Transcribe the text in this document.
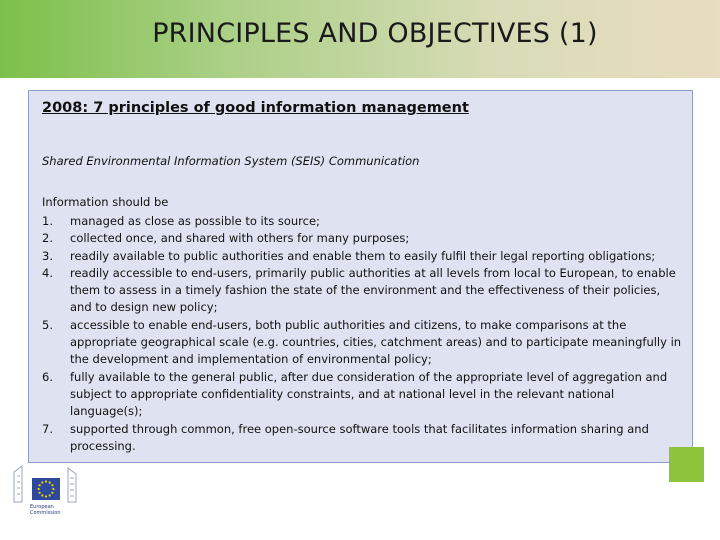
PRINCIPLES AND OBJECTIVES (1)
2008: 7 principles of good information management
Shared Environmental Information System (SEIS) Communication
Information should be
1.	managed as close as possible to its source;
2.	collected once, and shared with others for many purposes;
3.	readily available to public authorities and enable them to easily fulfil their legal reporting obligations;
4.	readily accessible to end-users, primarily public authorities at all levels from local to European, to enable them to assess in a timely fashion the state of the environment and the effectiveness of their policies, and to design new policy;
5.	accessible to enable end-users, both public authorities and citizens, to make comparisons at the appropriate geographical scale (e.g. countries, cities, catchment areas) and to participate meaningfully in the development and implementation of environmental policy;
6.	fully available to the general public, after due consideration of the appropriate level of aggregation and subject to appropriate confidentiality constraints, and at national level in the relevant national language(s);
7.	supported through common, free open-source software tools that facilitates information sharing and processing.
European
Commission
